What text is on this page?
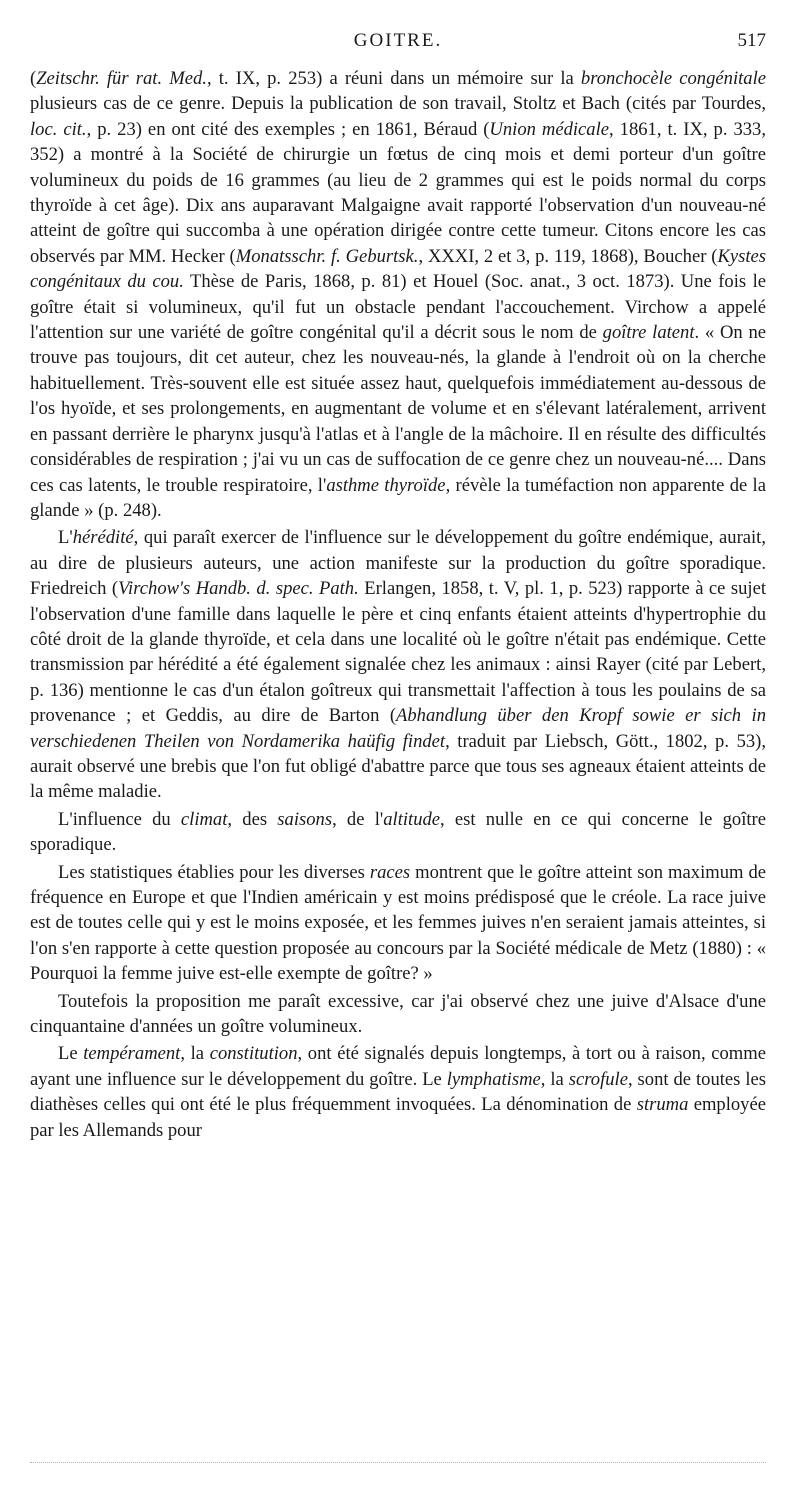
GOITRE.	517

(Zeitschr. für rat. Med., t. IX, p. 253) a réuni dans un mémoire sur la bronchocèle congénitale plusieurs cas de ce genre. Depuis la publication de son travail, Stoltz et Bach (cités par Tourdes, loc. cit., p. 23) en ont cité des exemples ; en 1861, Béraud (Union médicale, 1861, t. IX, p. 333, 352) a montré à la Société de chirurgie un fœtus de cinq mois et demi porteur d'un goître volumineux du poids de 16 grammes (au lieu de 2 grammes qui est le poids normal du corps thyroïde à cet âge). Dix ans auparavant Malgaigne avait rapporté l'observation d'un nouveau-né atteint de goître qui succomba à une opération dirigée contre cette tumeur. Citons encore les cas observés par MM. Hecker (Monatsschr. f. Geburtsk., XXXI, 2 et 3, p. 119, 1868), Boucher (Kystes congénitaux du cou. Thèse de Paris, 1868, p. 81) et Houel (Soc. anat., 3 oct. 1873). Une fois le goître était si volumineux, qu'il fut un obstacle pendant l'accouchement. Virchow a appelé l'attention sur une variété de goître congénital qu'il a décrit sous le nom de goître latent. « On ne trouve pas toujours, dit cet auteur, chez les nouveau-nés, la glande à l'endroit où on la cherche habituellement. Très-souvent elle est située assez haut, quelquefois immédiatement au-dessous de l'os hyoïde, et ses prolongements, en augmentant de volume et en s'élevant latéralement, arrivent en passant derrière le pharynx jusqu'à l'atlas et à l'angle de la mâchoire. Il en résulte des difficultés considérables de respiration ; j'ai vu un cas de suffocation de ce genre chez un nouveau-né.... Dans ces cas latents, le trouble respiratoire, l'asthme thyroïde, révèle la tuméfaction non apparente de la glande » (p. 248).

L'hérédité, qui paraît exercer de l'influence sur le développement du goître endémique, aurait, au dire de plusieurs auteurs, une action manifeste sur la production du goître sporadique. Friedreich (Virchow's Handb. d. spec. Path. Erlangen, 1858, t. V, pl. 1, p. 523) rapporte à ce sujet l'observation d'une famille dans laquelle le père et cinq enfants étaient atteints d'hypertrophie du côté droit de la glande thyroïde, et cela dans une localité où le goître n'était pas endémique. Cette transmission par hérédité a été également signalée chez les animaux : ainsi Rayer (cité par Lebert, p. 136) mentionne le cas d'un étalon goîtreux qui transmettait l'affection à tous les poulains de sa provenance ; et Geddis, au dire de Barton (Abhandlung über den Kropf sowie er sich in verschiedenen Theilen von Nordamerika haüfig findet, traduit par Liebsch, Gött., 1802, p. 53), aurait observé une brebis que l'on fut obligé d'abattre parce que tous ses agneaux étaient atteints de la même maladie.

L'influence du climat, des saisons, de l'altitude, est nulle en ce qui concerne le goître sporadique.

Les statistiques établies pour les diverses races montrent que le goître atteint son maximum de fréquence en Europe et que l'Indien américain y est moins prédisposé que le créole. La race juive est de toutes celle qui y est le moins exposée, et les femmes juives n'en seraient jamais atteintes, si l'on s'en rapporte à cette question proposée au concours par la Société médicale de Metz (1880) : « Pourquoi la femme juive est-elle exempte de goître? »

Toutefois la proposition me paraît excessive, car j'ai observé chez une juive d'Alsace d'une cinquantaine d'années un goître volumineux.

Le tempérament, la constitution, ont été signalés depuis longtemps, à tort ou à raison, comme ayant une influence sur le développement du goître. Le lymphatisme, la scrofule, sont de toutes les diathèses celles qui ont été le plus fréquemment invoquées. La dénomination de struma employée par les Allemands pour
